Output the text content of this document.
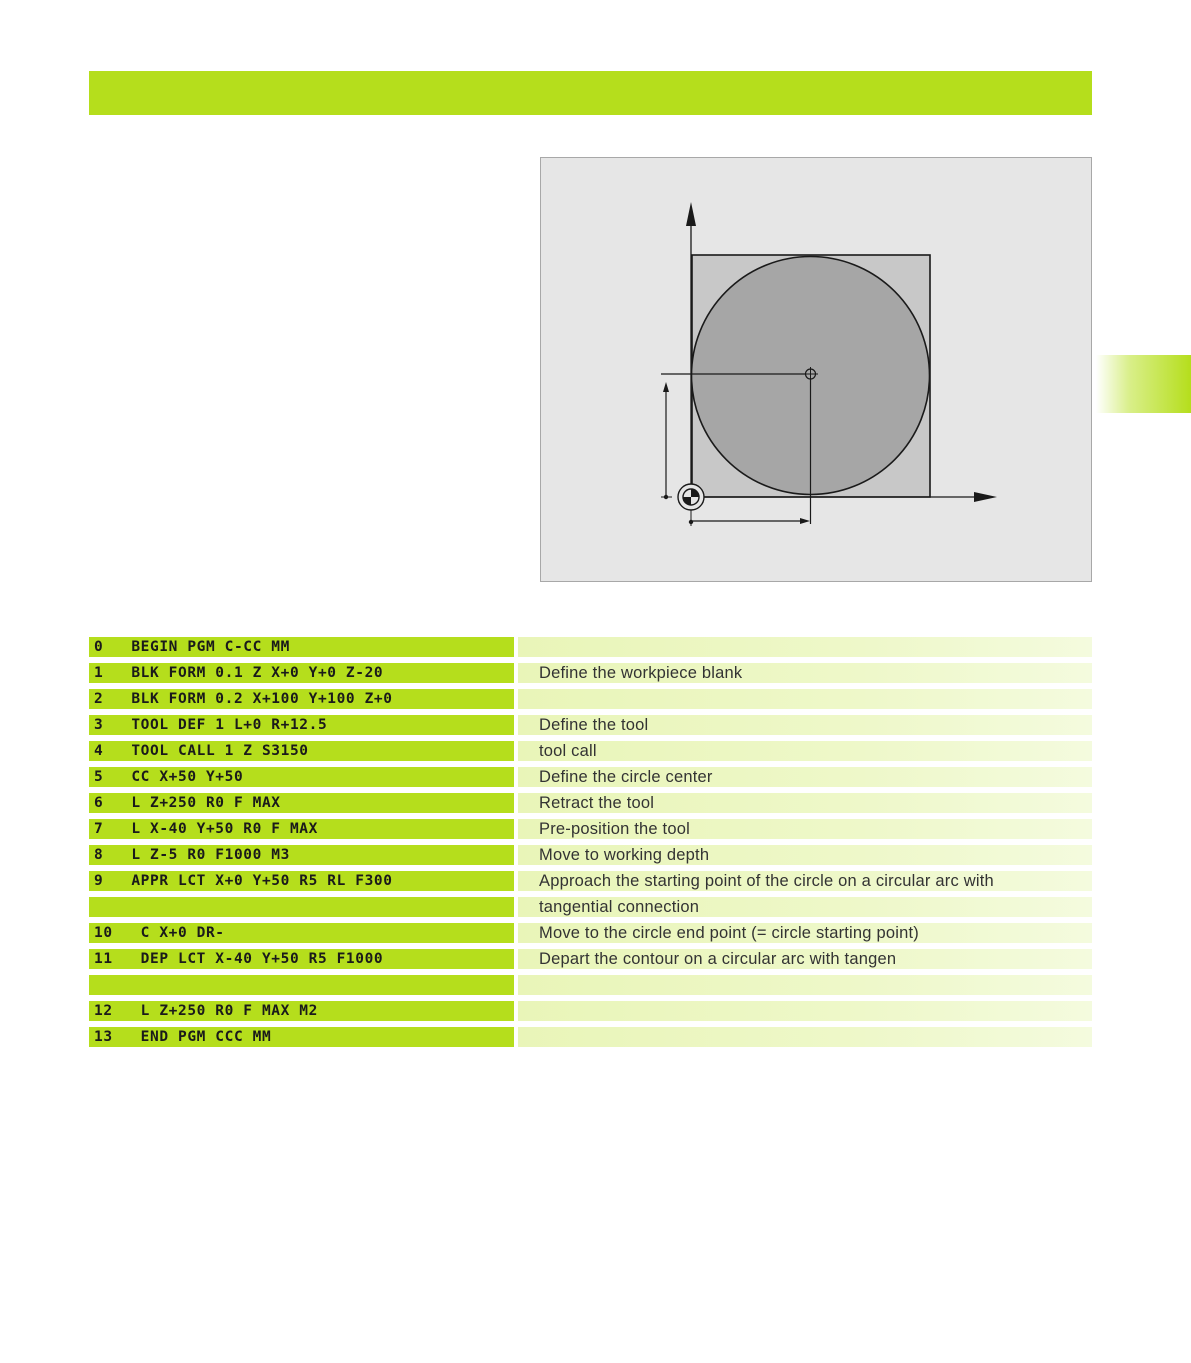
0 BEGIN PGM C-CC MM
1 BLK FORM 0.1 Z X+0 Y+0 Z-20	Define the workpiece blank
2 BLK FORM 0.2 X+100 Y+100 Z+0
3 TOOL DEF 1 L+0 R+12.5	Define the tool
4 TOOL CALL 1 Z S3150	tool call
5 CC X+50 Y+50	Define the circle center
6 L Z+250 R0 F MAX	Retract the tool
7 L X-40 Y+50 R0 F MAX	Pre-position the tool
8 L Z-5 R0 F1000 M3	Move to working depth
9 APPR LCT X+0 Y+50 R5 RL F300	Approach the starting point of the circle on a circular arc with
tangential connection
10   C X+0 DR-	Move to the circle end point (= circle starting point)
11   DEP LCT X-40 Y+50 R5 F1000	Depart the contour on a circular arc with tangen
12   L Z+250 R0 F MAX M2
13   END PGM CCC MM
